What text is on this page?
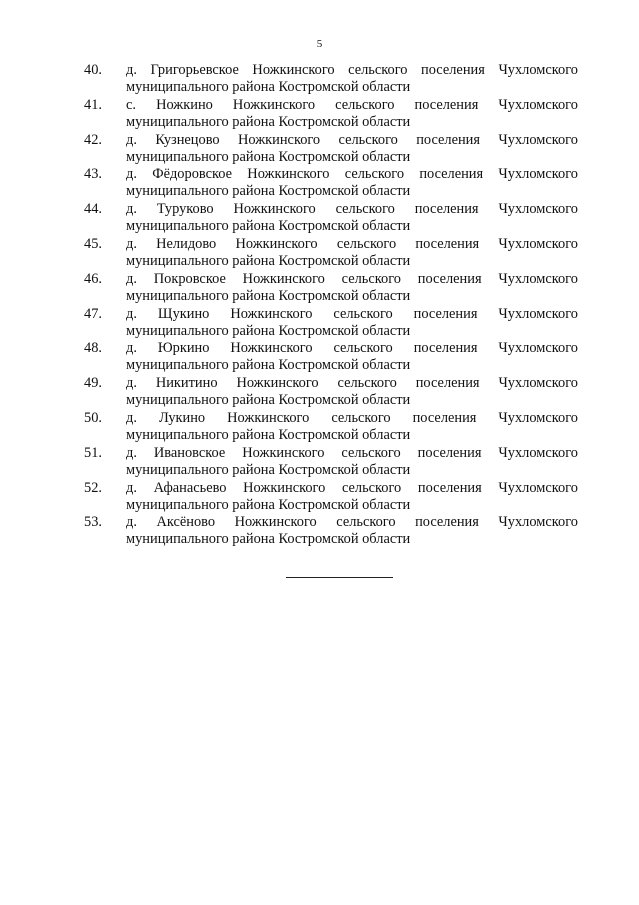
5
40.	д. Григорьевское Ножкинского сельского поселения Чухломского
муниципального района Костромской области
41.	с. Ножкино Ножкинского сельского поселения Чухломского
муниципального района Костромской области
42.	д. Кузнецово Ножкинского сельского поселения Чухломского
муниципального района Костромской области
43.	д. Фёдоровское Ножкинского сельского поселения Чухломского
муниципального района Костромской области
44.	д. Туруково Ножкинского сельского поселения Чухломского
муниципального района Костромской области
45.	д. Нелидово Ножкинского сельского поселения Чухломского
муниципального района Костромской области
46.	д. Покровское Ножкинского сельского поселения Чухломского
муниципального района Костромской области
47.	д. Щукино Ножкинского сельского поселения Чухломского
муниципального района Костромской области
48.	д. Юркино Ножкинского сельского поселения Чухломского
муниципального района Костромской области
49.	д. Никитино Ножкинского сельского поселения Чухломского
муниципального района Костромской области
50.	д. Лукино Ножкинского сельского поселения Чухломского
муниципального района Костромской области
51.	д. Ивановское Ножкинского сельского поселения Чухломского
муниципального района Костромской области
52.	д. Афанасьево Ножкинского сельского поселения Чухломского
муниципального района Костромской области
53.	д. Аксёново Ножкинского сельского поселения Чухломского
муниципального района Костромской области
